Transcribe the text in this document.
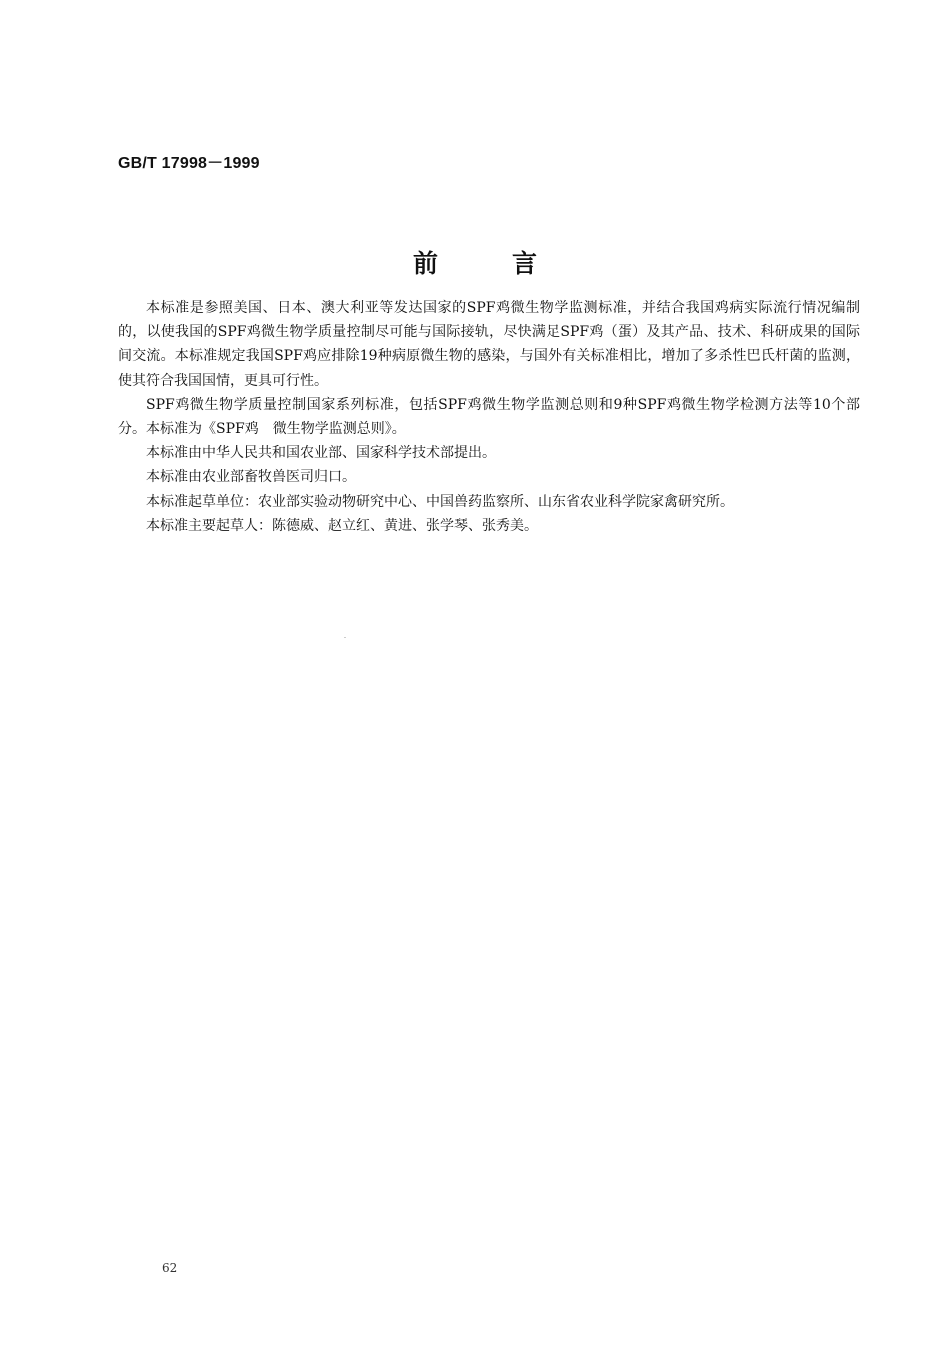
GB/T 17998－1999
前言

本标准是参照美国、日本、澳大利亚等发达国家的SPF鸡微生物学监测标准，并结合我国鸡病实际流行情况编制的，以使我国的SPF鸡微生物学质量控制尽可能与国际接轨，尽快满足SPF鸡（蛋）及其产品、技术、科研成果的国际间交流。本标准规定我国SPF鸡应排除19种病原微生物的感染，与国外有关标准相比，增加了多杀性巴氏杆菌的监测，使其符合我国国情，更具可行性。

SPF鸡微生物学质量控制国家系列标准，包括SPF鸡微生物学监测总则和9种SPF鸡微生物学检测方法等10个部分。本标准为《SPF鸡　微生物学监测总则》。

本标准由中华人民共和国农业部、国家科学技术部提出。

本标准由农业部畜牧兽医司归口。

本标准起草单位：农业部实验动物研究中心、中国兽药监察所、山东省农业科学院家禽研究所。

本标准主要起草人：陈德威、赵立红、黄进、张学琴、张秀美。

62
